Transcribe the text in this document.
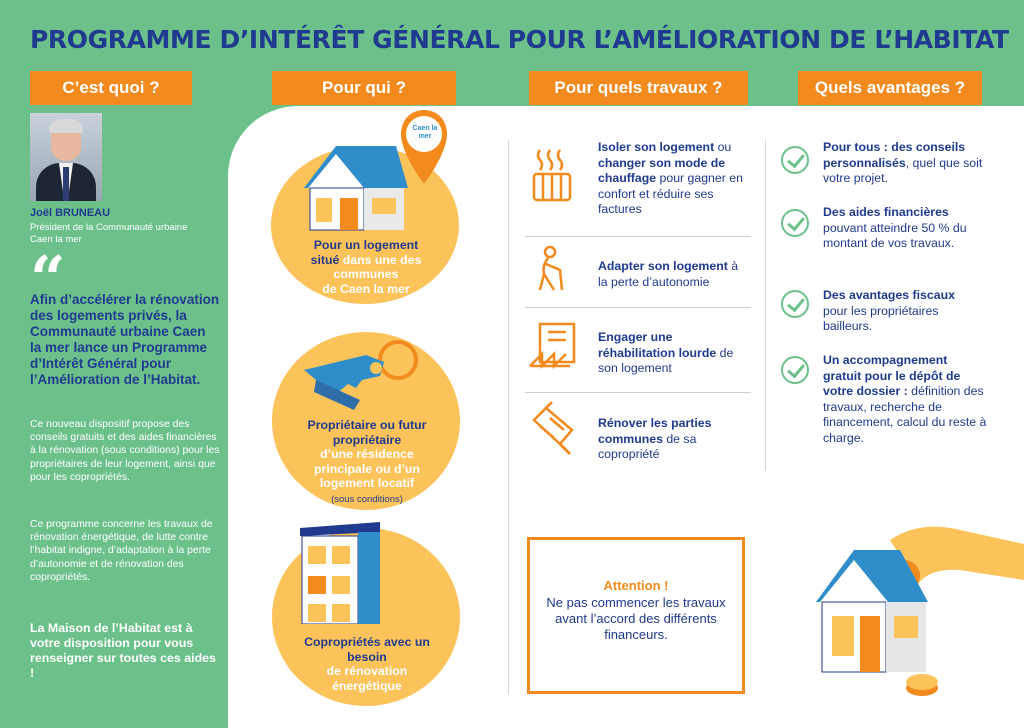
PROGRAMME D’INTÉRÊT GÉNÉRAL POUR L’AMÉLIORATION DE L’HABITAT
C’est quoi ?	Pour qui ?	Pour quels travaux ?	Quels avantages ?
Joël BRUNEAU
Président de la Communauté urbaine Caen la mer
“
Afin d’accélérer la rénovation des logements privés, la Communauté urbaine Caen la mer lance un Programme d’Intérêt Général pour l’Amélioration de l’Habitat.
Ce nouveau dispositif propose des conseils gratuits et des aides financières à la rénovation (sous conditions) pour les propriétaires de leur logement, ainsi que pour les copropriétés.
Ce programme concerne les travaux de rénovation énergétique, de lutte contre l’habitat indigne, d’adaptation à la perte d’autonomie et de rénovation des copropriétés.
La Maison de l’Habitat est à votre disposition pour vous renseigner sur toutes ces aides !
Caen la mer
Pour un logement situé dans une des communes
de Caen la mer
Propriétaire ou futur propriétaire
d’une résidence principale ou d’un logement locatif
(sous conditions)
Copropriétés avec un besoin
de rénovation énergétique
Isoler son logement ou changer son mode de chauffage pour gagner en confort et réduire ses factures
Adapter son logement à la perte d’autonomie
Engager une réhabilitation lourde de son logement
Rénover les parties communes de sa copropriété
Attention !
Ne pas commencer les travaux avant l’accord des différents financeurs.
Pour tous : des conseils personnalisés, quel que soit votre projet.
Des aides financières pouvant atteindre 50 % du montant de vos travaux.
Des avantages fiscaux pour les propriétaires bailleurs.
Un accompagnement gratuit pour le dépôt de votre dossier : définition des travaux, recherche de financement, calcul du reste à charge.
